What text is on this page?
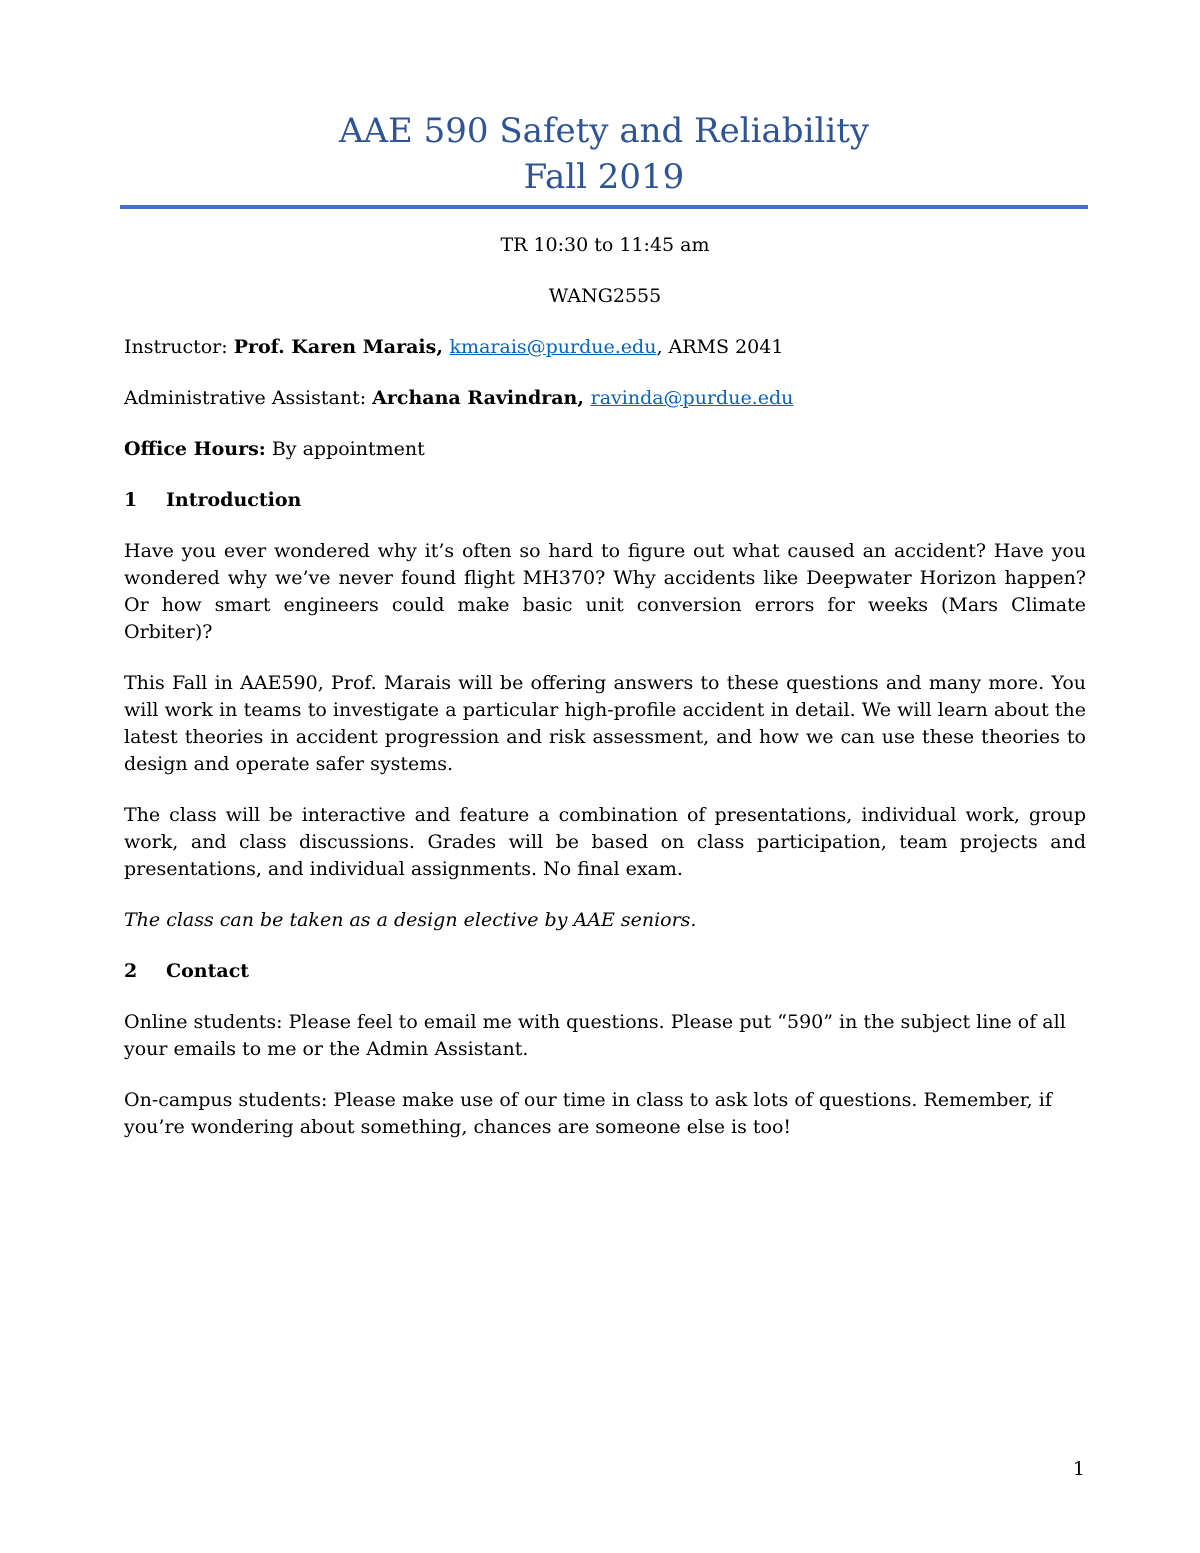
AAE 590 Safety and Reliability
Fall 2019

TR 10:30 to 11:45 am

WANG2555

Instructor: Prof. Karen Marais, kmarais@purdue.edu, ARMS 2041

Administrative Assistant: Archana Ravindran, ravinda@purdue.edu

Office Hours: By appointment

1	Introduction

Have you ever wondered why it’s often so hard to figure out what caused an accident? Have you wondered why we’ve never found flight MH370? Why accidents like Deepwater Horizon happen? Or how smart engineers could make basic unit conversion errors for weeks (Mars Climate Orbiter)?

This Fall in AAE590, Prof. Marais will be offering answers to these questions and many more. You will work in teams to investigate a particular high-profile accident in detail. We will learn about the latest theories in accident progression and risk assessment, and how we can use these theories to design and operate safer systems.

The class will be interactive and feature a combination of presentations, individual work, group work, and class discussions. Grades will be based on class participation, team projects and presentations, and individual assignments. No final exam.

The class can be taken as a design elective by AAE seniors.

2	Contact

Online students: Please feel to email me with questions. Please put “590” in the subject line of all your emails to me or the Admin Assistant.

On-campus students: Please make use of our time in class to ask lots of questions. Remember, if you’re wondering about something, chances are someone else is too!

1
